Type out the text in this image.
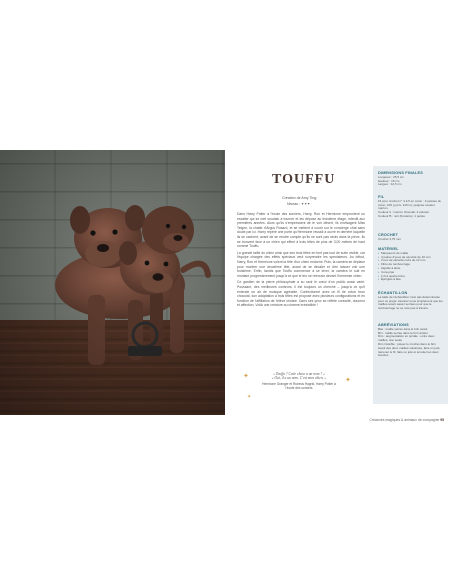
TOUFFU
Création de Amy Ting
Niveau : ✦✦✦

Dans Harry Potter à l'école des sorciers, Harry, Ron et Hermione empruntent un escalier qui se met soudain à tourner et les dépose au troisième étage, interdit aux premières années. Alors qu'ils s'empressent de le voir désert, ils envisagent Miss Teigne, la chatte d'Argus Rusard, et se mettent à courir sur le concierge chat sans doute par ici. Harry repère une porte qu'Hermione réussit à ouvrir et derrière laquelle ils se cachent, avant de se rendre compte qu'ils ne sont pas seuls dans la pièce. Ils se trouvent face à un chien qui effect à trois têtes de plus de 3,00 mètres de haut nommé Touffu.

La grande taille du chien ainsi que ses trois têtes en font pas tout de suite visible, car l'équipe chargée des effets spéciaux veut surprendre les spectateurs. Au début, Harry, Ron et Hermione voient la tête d'un chien endormi. Puis, la caméra se déplace pour montrer une deuxième tête, avant de se décaler et d'en laisser voir une troisième. Enfin, tandis que Touffu commence à se lever, la caméra le suit en montant progressivement jusqu'à ce que le trio se retrouve devant l'immense chien.

Ce gardien de la pierre philosophale a su ravir le cœur d'un public aussi varié. Poussant, des meilleures conteurs, il est toujours un cherche – jusqu'à ce qu'il entende un air de musique agréable. Confectionné avec un fil de coton brun chocolat, son adaptation à trois têtes est proposé avec plusieurs configurations et en fonction de l'affiliation de l'élève choisie. Dans ses yeux se reflète curiosité, douceur et affection. Voilà une créature au charme irrésistible !

✦
✦
✦
« Touffu ? Cette chose a un nom ? »
« Oui, il a un nom. C'est mon chien. »
Hermione Granger et Rubeus Hagrid, Harry Potter à l'école des sorciers
DIMENSIONS FINALES
Longueur : 25,5 cm
Hauteur : 15 cm
Largeur : 12,5 cm
FIL
Fil pour crochet n° 4 à 5 en coton : 3 pelotes de coton, 100 g (env. 210 m), peignée couleur marron.
Couleur A : marron chocolat, 2 pelotes
Couleur B : noir (broderie), 1 pelote
CROCHET
Crochet 3,75 mm
MATÉRIEL
• Marqueurs de maille
• 3 paires d'yeux de sécurité de 10 mm
• 3 nez de sécurité noirs de 12 mm
• Fibre de rembourrage
• Aiguille à laine
• Cure-pipe
• 1 fil à quatre brins
• Épingles à tête
ÉCHANTILLON
La taille de l'échantillon n'est pas déterminante pour ce projet. Assurez-vous simplement que les mailles soient assez serrées pour que le rembourrage ne se voie pas à travers.
ABRÉVIATIONS
Bas : maille serrée dans le brin avant
Bm : maille serrée dans le brin arrière
Dim : augmentation en spirale : entre deux mailles, une seule
Dim invisible : piquer le crochet dans le brin avant des deux mailles suivantes, faire un jeté, ramener le fil, faire un jeté et écouler les deux boucles
Créatures magiques & animaux de compagnie 95
